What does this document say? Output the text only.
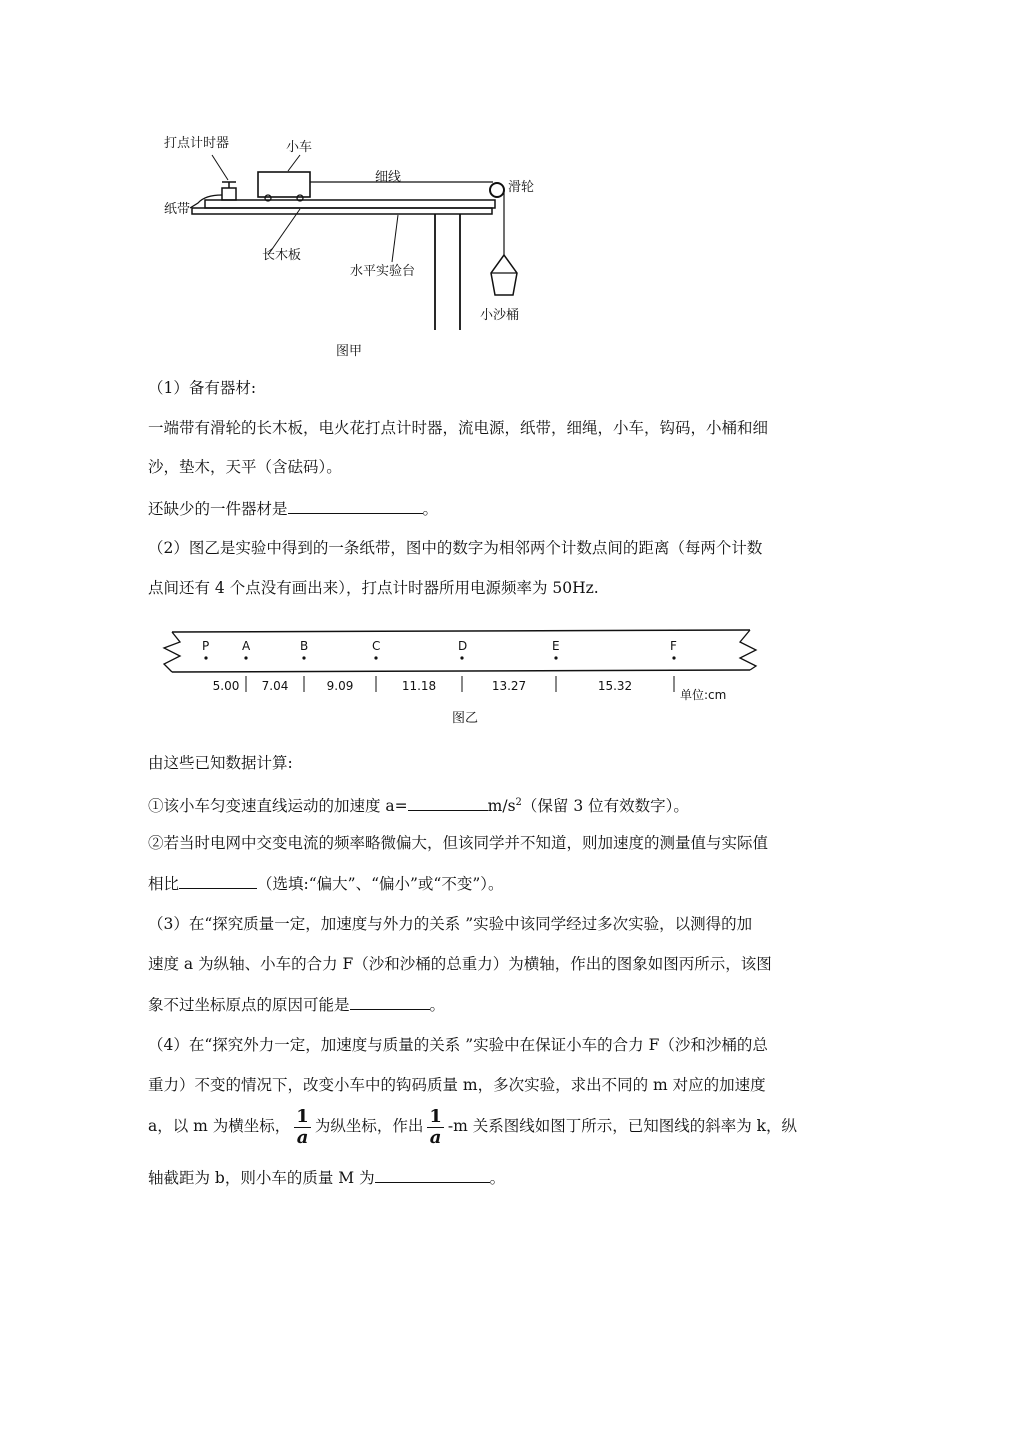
打点计时器	小车
细线
滑轮
纸带
长木板
水平实验台
小沙桶
图甲
（1）备有器材:
一端带有滑轮的长木板，电火花打点计时器，流电源，纸带，细绳，小车，钩码，小桶和细
沙，垫木，天平（含砝码）。
还缺少的一件器材是	。
（2）图乙是实验中得到的一条纸带，图中的数字为相邻两个计数点间的距离（每两个计数
点间还有 4 个点没有画出来），打点计时器所用电源频率为 50Hz.
P	A	B	C	D	E	F
5.00 7.04	9.09	11.18	13.27	15.32
单位:cm
图乙
由这些已知数据计算:
①该小车匀变速直线运动的加速度 a=	$m/s^2$（保留 3 位有效数字）。
②若当时电网中交变电流的频率略微偏大，但该同学并不知道，则加速度的测量值与实际值
相比	（选填:“偏大”、“偏小”或“不变”）。
（3）在“探究质量一定，加速度与外力的关系 ”实验中该同学经过多次实验，以测得的加
速度 a 为纵轴、小车的合力 F（沙和沙桶的总重力）为横轴，作出的图象如图丙所示，该图
象不过坐标原点的原因可能是	。
（4）在“探究外力一定，加速度与质量的关系 ”实验中在保证小车的合力 F（沙和沙桶的总
重力）不变的情况下，改变小车中的钩码质量 m，多次实验，求出不同的 m 对应的加速度
a，以 m 为横坐标， $\frac{1}{a}$ 为纵坐标，作出 $\frac{1}{a} -m$ 关系图线如图丁所示，已知图线的斜率为 k，纵
轴截距为 b，则小车的质量 M 为	。
